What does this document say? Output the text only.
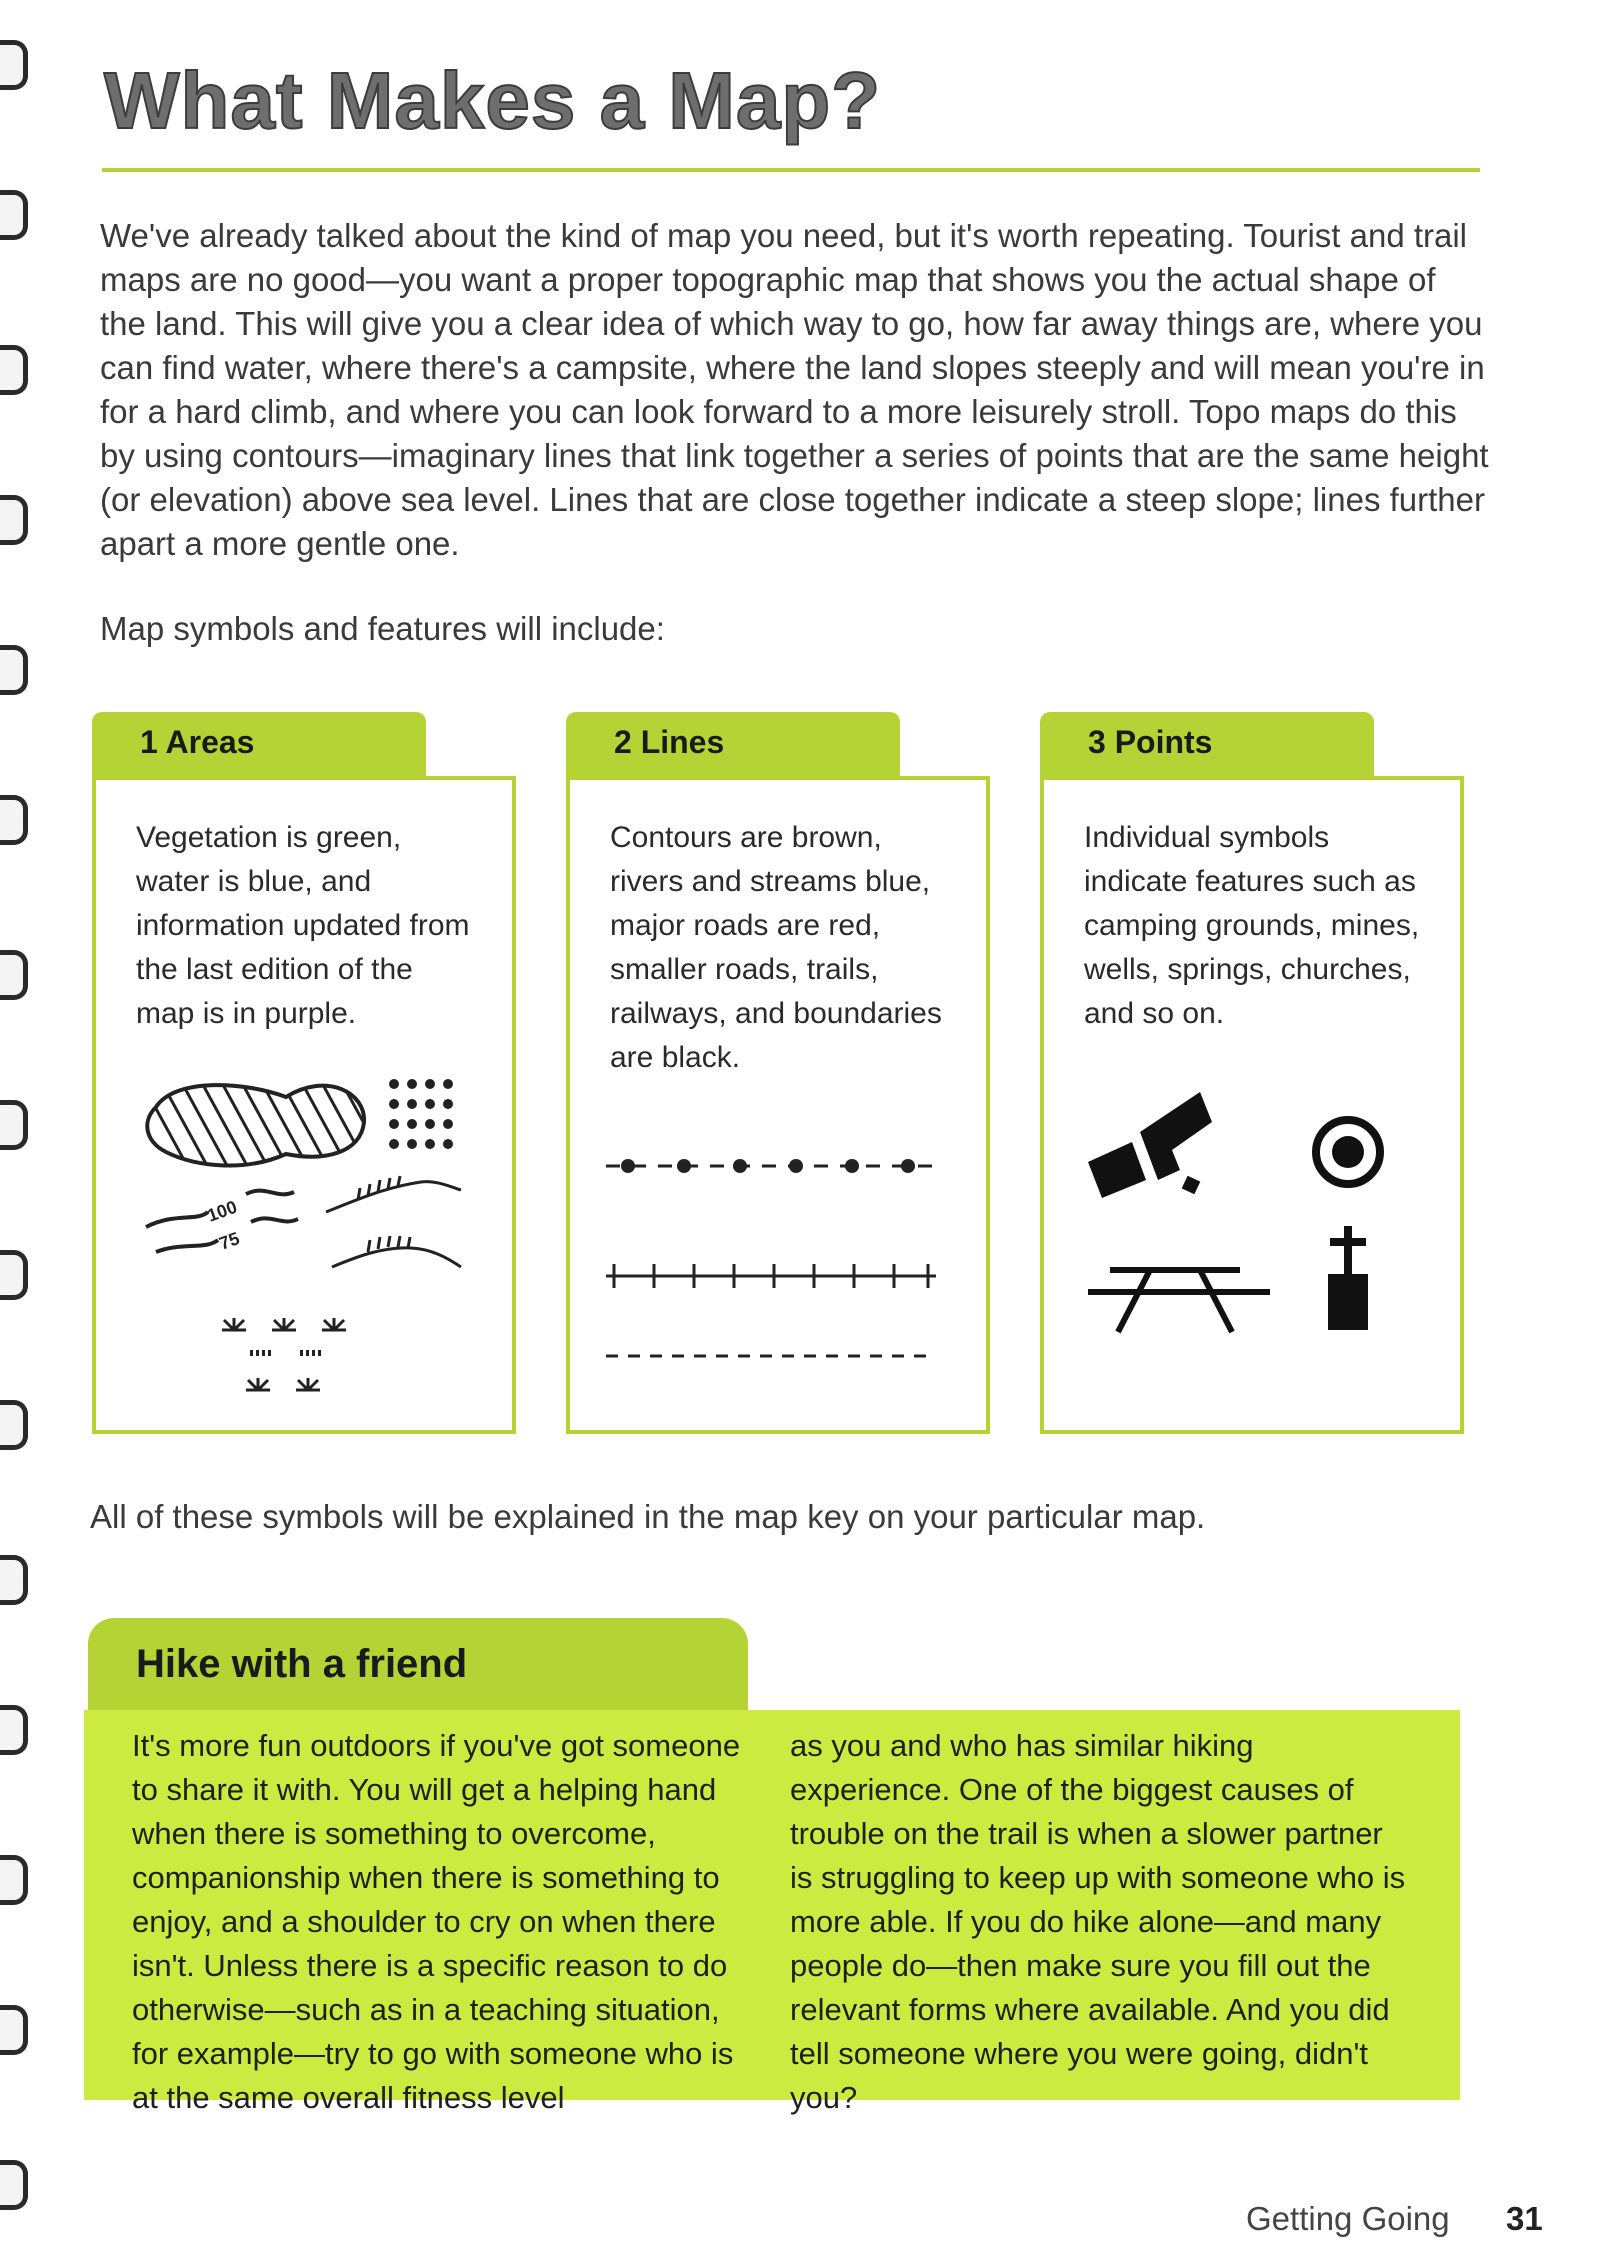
What Makes a Map?

We've already talked about the kind of map you need, but it's worth repeating. Tourist and trail maps are no good—you want a proper topographic map that shows you the actual shape of the land. This will give you a clear idea of which way to go, how far away things are, where you can find water, where there's a campsite, where the land slopes steeply and will mean you're in for a hard climb, and where you can look forward to a more leisurely stroll. Topo maps do this by using contours—imaginary lines that link together a series of points that are the same height (or elevation) above sea level. Lines that are close together indicate a steep slope; lines further apart a more gentle one.

Map symbols and features will include:

1 Areas

Vegetation is green, water is blue, and information updated from the last edition of the map is in purple.

100
75
2 Lines

Contours are brown, rivers and streams blue, major roads are red, smaller roads, trails, railways, and boundaries are black.

3 Points

Individual symbols indicate features such as camping grounds, mines, wells, springs, churches, and so on.

All of these symbols will be explained in the map key on your particular map.

Hike with a friend

It's more fun outdoors if you've got someone to share it with. You will get a helping hand when there is something to overcome, companionship when there is something to enjoy, and a shoulder to cry on when there isn't. Unless there is a specific reason to do otherwise—such as in a teaching situation, for example—try to go with someone who is at the same overall fitness level

as you and who has similar hiking experience. One of the biggest causes of trouble on the trail is when a slower partner is struggling to keep up with someone who is more able. If you do hike alone—and many people do—then make sure you fill out the relevant forms where available. And you did tell someone where you were going, didn't you?

Getting Going 31
